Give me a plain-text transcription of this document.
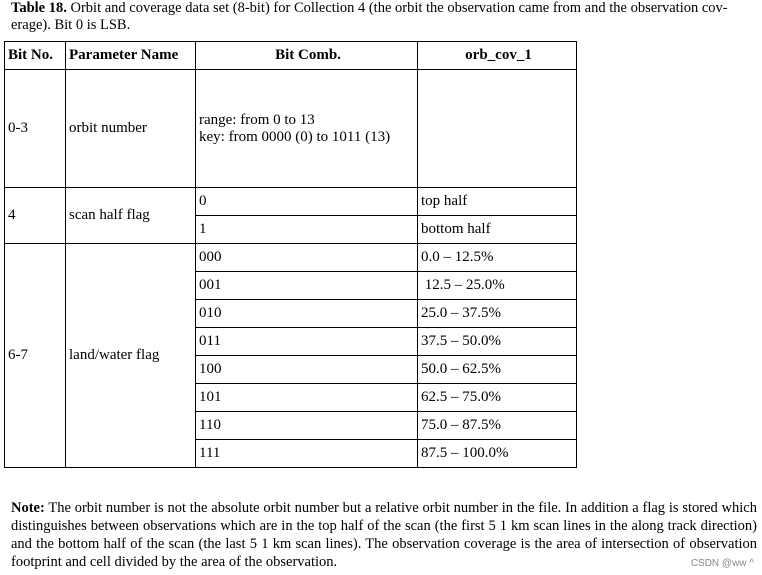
Table 18. Orbit and coverage data set (8-bit) for Collection 4 (the orbit the observation came from and the observation cov-erage). Bit 0 is LSB.
Bit No.	Parameter Name	Bit Comb.	orb_cov_1
0-3	orbit number	range: from 0 to 13
key: from 0000 (0) to 1011 (13)	

4	scan half flag	0	top half
		1	bottom half
6-7	land/water flag	000	0.0 – 12.5%
		001	12.5 – 25.0%
		010	25.0 – 37.5%
		011	37.5 – 50.0%
		100	50.0 – 62.5%
		101	62.5 – 75.0%
		110	75.0 – 87.5%
		111	87.5 – 100.0%
Note: The orbit number is not the absolute orbit number but a relative orbit number in the file. In addition a flag is stored which distinguishes between observations which are in the top half of the scan (the first 5 1 km scan lines in the along track direction) and the bottom half of the scan (the last 5 1 km scan lines). The observation coverage is the area of intersection of observation footprint and cell divided by the area of the observation.	CSDN @ww ^
